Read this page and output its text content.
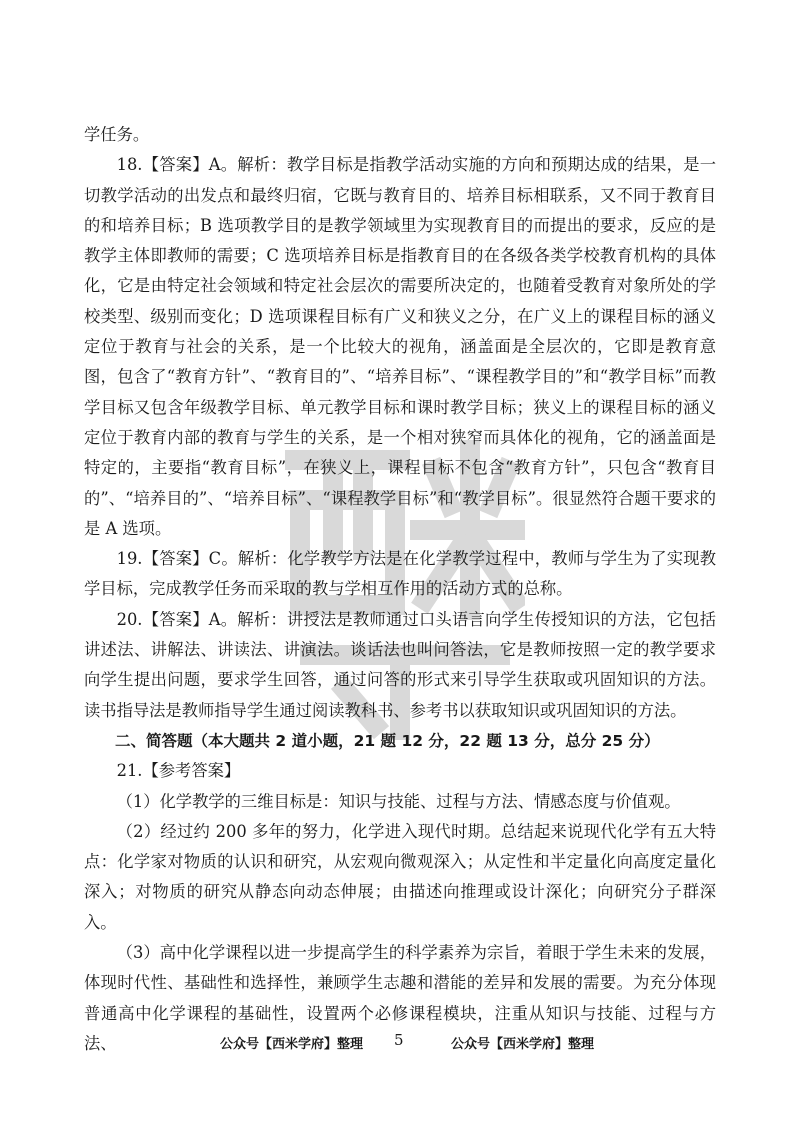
学任务。

18.【答案】A。解析：教学目标是指教学活动实施的方向和预期达成的结果，是一切教学活动的出发点和最终归宿，它既与教育目的、培养目标相联系，又不同于教育目的和培养目标；B 选项教学目的是教学领域里为实现教育目的而提出的要求，反应的是教学主体即教师的需要；C 选项培养目标是指教育目的在各级各类学校教育机构的具体化，它是由特定社会领域和特定社会层次的需要所决定的，也随着受教育对象所处的学校类型、级别而变化；D 选项课程目标有广义和狭义之分，在广义上的课程目标的涵义定位于教育与社会的关系，是一个比较大的视角，涵盖面是全层次的，它即是教育意图，包含了“教育方针”、“教育目的”、“培养目标”、“课程教学目的”和“教学目标”而教学目标又包含年级教学目标、单元教学目标和课时教学目标；狭义上的课程目标的涵义定位于教育内部的教育与学生的关系，是一个相对狭窄而具体化的视角，它的涵盖面是特定的，主要指“教育目标”，在狭义上，课程目标不包含“教育方针”，只包含“教育目的”、“培养目的”、“培养目标”、“课程教学目标”和“教学目标”。很显然符合题干要求的是 A 选项。

19.【答案】C。解析：化学教学方法是在化学教学过程中，教师与学生为了实现教学目标，完成教学任务而采取的教与学相互作用的活动方式的总称。

20.【答案】A。解析：讲授法是教师通过口头语言向学生传授知识的方法，它包括讲述法、讲解法、讲读法、讲演法。谈话法也叫问答法，它是教师按照一定的教学要求向学生提出问题，要求学生回答，通过问答的形式来引导学生获取或巩固知识的方法。读书指导法是教师指导学生通过阅读教科书、参考书以获取知识或巩固知识的方法。

二、简答题（本大题共 2 道小题，21 题 12 分，22 题 13 分，总分 25 分）

21.【参考答案】

（1）化学教学的三维目标是：知识与技能、过程与方法、情感态度与价值观。

（2）经过约 200 多年的努力，化学进入现代时期。总结起来说现代化学有五大特点：化学家对物质的认识和研究，从宏观向微观深入；从定性和半定量化向高度定量化深入；对物质的研究从静态向动态伸展；由描述向推理或设计深化；向研究分子群深入。

（3）高中化学课程以进一步提高学生的科学素养为宗旨，着眼于学生未来的发展，体现时代性、基础性和选择性，兼顾学生志趣和潜能的差异和发展的需要。为充分体现普通高中化学课程的基础性，设置两个必修课程模块，注重从知识与技能、过程与方法、	公众号【西米学府】整理 5	公众号【西米学府】整理
